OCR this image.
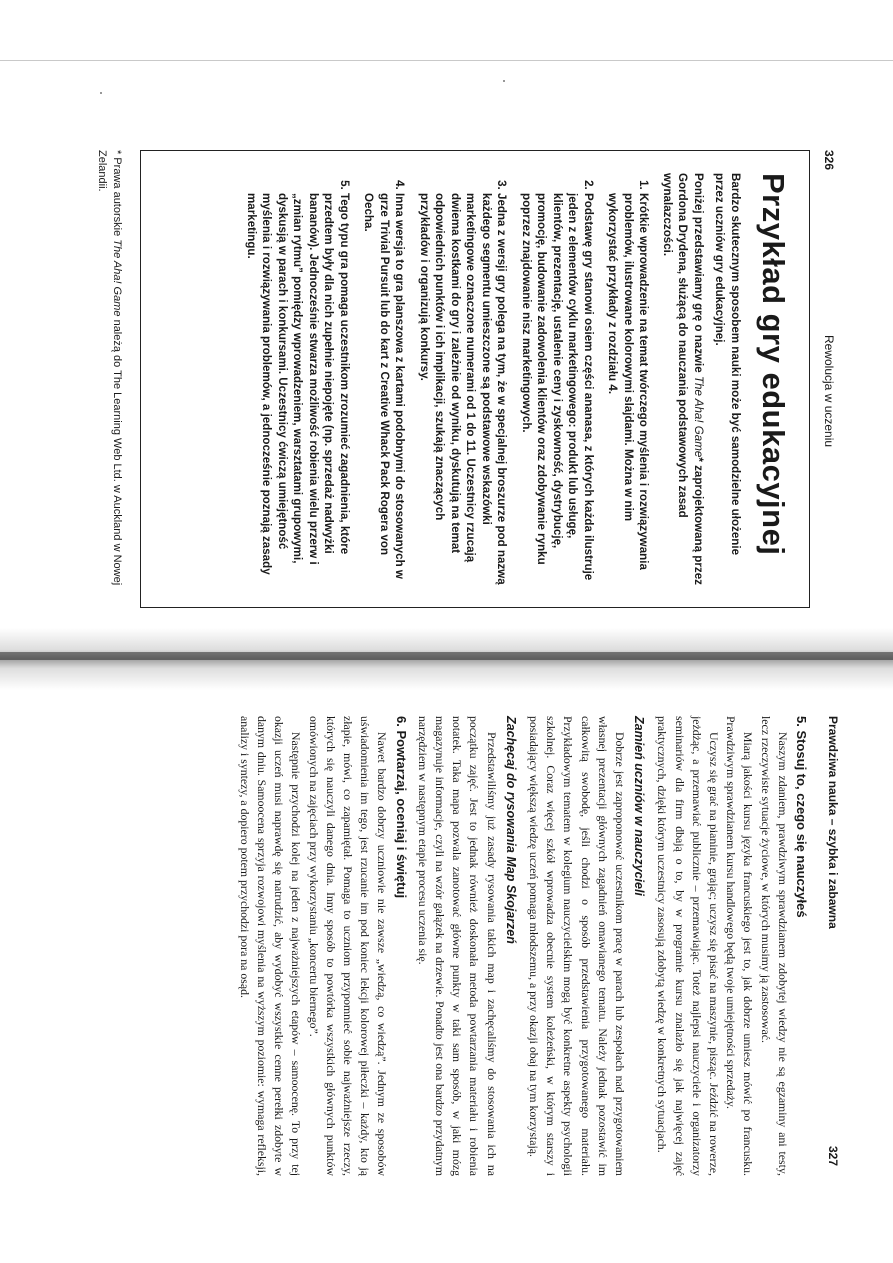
326
Rewolucja w uczeniu
Przykład gry edukacyjnej

Bardzo skutecznym sposobem nauki może być samodzielne ułożenie przez uczniów gry edukacyjnej.

Poniżej przedstawiamy grę o nazwie The Aha! Game* zaprojektowaną przez Gordona Drydena, służącą do nauczania podstawowych zasad wynalazczości.

1. Krótkie wprowadzenie na temat twórczego myślenia i rozwiązywania problemów, ilustrowane kolorowymi slajdami. Można w nim wykorzystać przykłady z rozdziału 4.
2. Podstawę gry stanowi osiem części ananasa, z których każda ilustruje jeden z elementów cyklu marketingowego: produkt lub usługę, klientów, prezentację, ustalenie ceny i zyskowność, dystrybucję, promocję, budowanie zadowolenia klientów oraz zdobywanie rynku poprzez znajdowanie nisz marketingowych.
3. Jedna z wersji gry polega na tym, że w specjalnej broszurze pod nazwą każdego segmentu umieszczone są podstawowe wskazówki marketingowe oznaczone numerami od 1 do 11. Uczestnicy rzucają dwiema kostkami do gry i zależnie od wyniku, dyskutują na temat odpowiednich punktów i ich implikacji, szukają znaczących przykładów i organizują konkursy.
4. Inna wersja to gra planszowa z kartami podobnymi do stosowanych w grze Trivial Pursuit lub do kart z Creative Whack Pack Rogera von Oecha.
5. Tego typu gra pomaga uczestnikom zrozumieć zagadnienia, które przedtem były dla nich zupełnie niepojęte (np. sprzedaż nadwyżki bananów). Jednocześnie stwarza możliwość robienia wielu przerw i „zmian rytmu” pomiędzy wprowadzeniem, warsztatami grupowymi, dyskusją w parach i konkursami. Uczestnicy ćwiczą umiejętność myślenia i rozwiązywania problemów, a jednocześnie poznają zasady marketingu.
* Prawa autorskie The Aha! Game należą do The Learning Web Ltd. w Auckland w Nowej Zelandii.
Prawdziwa nauka – szybka i zabawna
327
5. Stosuj to, czego się nauczyłeś

Naszym zdaniem, prawdziwym sprawdzianem zdobytej wiedzy nie są egzaminy ani testy, lecz rzeczywiste sytuacje życiowe, w których musimy ją zastosować.

Miarą jakości kursu języka francuskiego jest to, jak dobrze umiesz mówić po francusku. Prawdziwym sprawdzianem kursu handlowego będą twoje umiejętności sprzedaży.

Uczysz się grać na pianinie, grając; uczysz się pisać na maszynie, pisząc. Jeździć na rowerze, jeżdżąc, a przemawiać publicznie – przemawiając. Toteż najlepsi nauczyciele i organizatorzy seminariów dla firm dbają o to, by w programie kursu znalazło się jak najwięcej zajęć praktycznych, dzięki którym uczestnicy zasosują zdobytą wiedzę w konkretnych sytuacjach.

Zamień uczniów w nauczycieli

Dobrze jest zaproponować uczestnikom pracę w parach lub zespołach nad przygotowaniem własnej prezentacji głównych zagadnień omawianego tematu. Należy jednak pozostawić im całkowitą swobodę, jeśli chodzi o sposób przedstawienia przygotowanego materiału. Przykładowym tematem w kolegium nauczycielskim mogą być konkretne aspekty psychologii szkolnej. Coraz więcej szkół wprowadza obecnie system koleżeński, w którym starszy i posiadający większą wiedzę uczeń pomaga młodszemu, a przy okazji obaj na tym korzystają.

Zachęcaj do rysowania Map Skojarzeń

Przedstawiliśmy już zasady rysowania takich map i zachęcaliśmy do stosowania ich na początku zajęć. Jest to jednak również doskonała metoda powtarzania materiału i robienia notatek. Taka mapa pozwala zanotować główne punkty w taki sam sposób, w jaki mózg magazynuje informacje, czyli na wzór gałązek na drzewie. Ponadto jest ona bardzo przydatnym narzędziem w następnym etapie procesu uczenia się.

6. Powtarzaj, oceniaj i świętuj

Nawet bardzo dobrzy uczniowie nie zawsze „wiedzą, co wiedzą”. Jednym ze sposobów uświadomienia im tego, jest rzucanie im pod koniec lekcji kolorowej piłeczki – każdy, kto ją złapie, mówi, co zapamiętał. Pomaga to uczniom przypomnieć sobie najważniejsze rzeczy, których się nauczyli danego dnia. Inny sposób to powtórka wszystkich głównych punktów omówionych na zajęciach przy wykorzystaniu „koncertu biernego”.

Następnie przychodzi kolej na jeden z najważniejszych etapów – samoocenę. To przy tej okazji uczeń musi naprawdę się natrudzić, aby wydobyć wszystkie cenne perełki zdobyte w danym dniu. Samoocena sprzyja rozwojowi myślenia na wyższym poziomie: wymaga refleksji, analizy i syntezy, a dopiero potem przychodzi pora na osąd.
